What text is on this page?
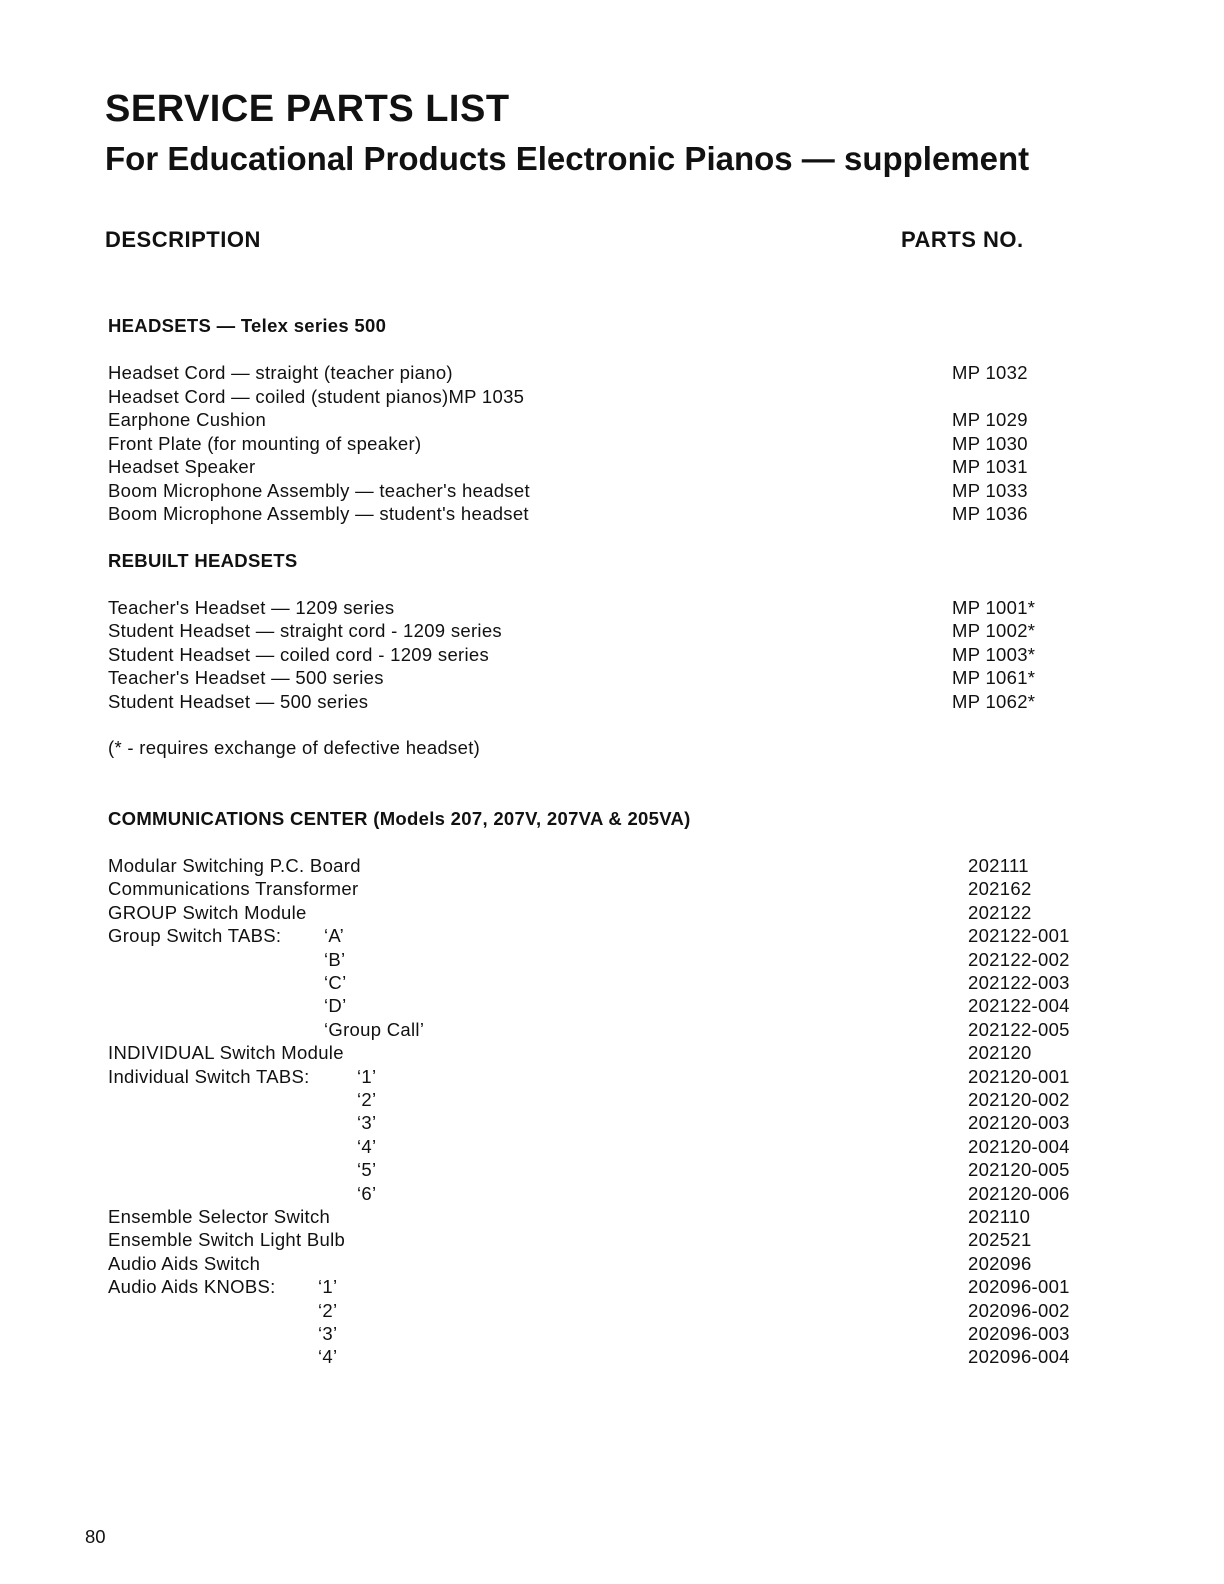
SERVICE PARTS LIST
For Educational Products Electronic Pianos — supplement
DESCRIPTION	PARTS NO.
HEADSETS — Telex series 500
Headset Cord — straight (teacher piano)	MP 1032
Headset Cord — coiled (student pianos)MP 1035
Earphone Cushion	MP 1029
Front Plate (for mounting of speaker)	MP 1030
Headset Speaker	MP 1031
Boom Microphone Assembly — teacher's headset	MP 1033
Boom Microphone Assembly — student's headset	MP 1036
REBUILT HEADSETS
Teacher's Headset — 1209 series	MP 1001*
Student Headset — straight cord - 1209 series	MP 1002*
Student Headset — coiled cord - 1209 series	MP 1003*
Teacher's Headset — 500 series	MP 1061*
Student Headset — 500 series	MP 1062*
(* - requires exchange of defective headset)
COMMUNICATIONS CENTER (Models 207, 207V, 207VA & 205VA)
Modular Switching P.C. Board	202111
Communications Transformer	202162
GROUP Switch Module	202122
Group Switch TABS: ‘A’	202122-001
‘B’	202122-002
‘C’	202122-003
‘D’	202122-004
‘Group Call’	202122-005
INDIVIDUAL Switch Module	202120
Individual Switch TABS:	‘1’	202120-001
‘2’	202120-002
‘3’	202120-003
‘4’	202120-004
‘5’	202120-005
‘6’	202120-006
Ensemble Selector Switch	202110
Ensemble Switch Light Bulb	202521
Audio Aids Switch	202096
Audio Aids KNOBS: ‘1’	202096-001
‘2’	202096-002
‘3’	202096-003
‘4’	202096-004
80
